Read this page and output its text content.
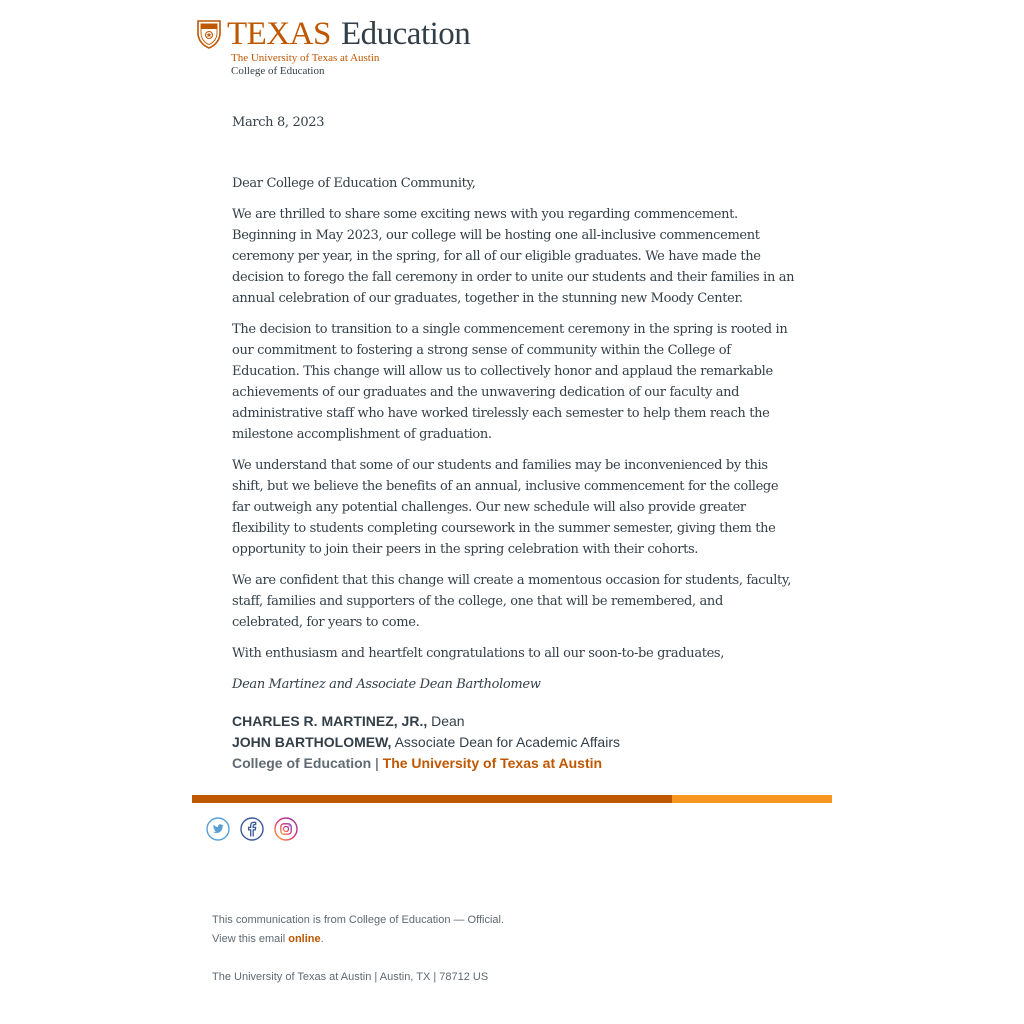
TEXAS Education
The University of Texas at Austin
College of Education

March 8, 2023

Dear College of Education Community,

We are thrilled to share some exciting news with you regarding commencement. Beginning in May 2023, our college will be hosting one all-inclusive commencement ceremony per year, in the spring, for all of our eligible graduates. We have made the decision to forego the fall ceremony in order to unite our students and their families in an annual celebration of our graduates, together in the stunning new Moody Center.

The decision to transition to a single commencement ceremony in the spring is rooted in our commitment to fostering a strong sense of community within the College of Education. This change will allow us to collectively honor and applaud the remarkable achievements of our graduates and the unwavering dedication of our faculty and administrative staff who have worked tirelessly each semester to help them reach the milestone accomplishment of graduation.

We understand that some of our students and families may be inconvenienced by this shift, but we believe the benefits of an annual, inclusive commencement for the college far outweigh any potential challenges. Our new schedule will also provide greater flexibility to students completing coursework in the summer semester, giving them the opportunity to join their peers in the spring celebration with their cohorts.

We are confident that this change will create a momentous occasion for students, faculty, staff, families and supporters of the college, one that will be remembered, and celebrated, for years to come.

With enthusiasm and heartfelt congratulations to all our soon-to-be graduates,

Dean Martinez and Associate Dean Bartholomew

CHARLES R. MARTINEZ, JR., Dean
JOHN BARTHOLOMEW, Associate Dean for Academic Affairs
College of Education | The University of Texas at Austin
This communication is from College of Education — Official.
View this email online.
The University of Texas at Austin | Austin, TX | 78712 US
